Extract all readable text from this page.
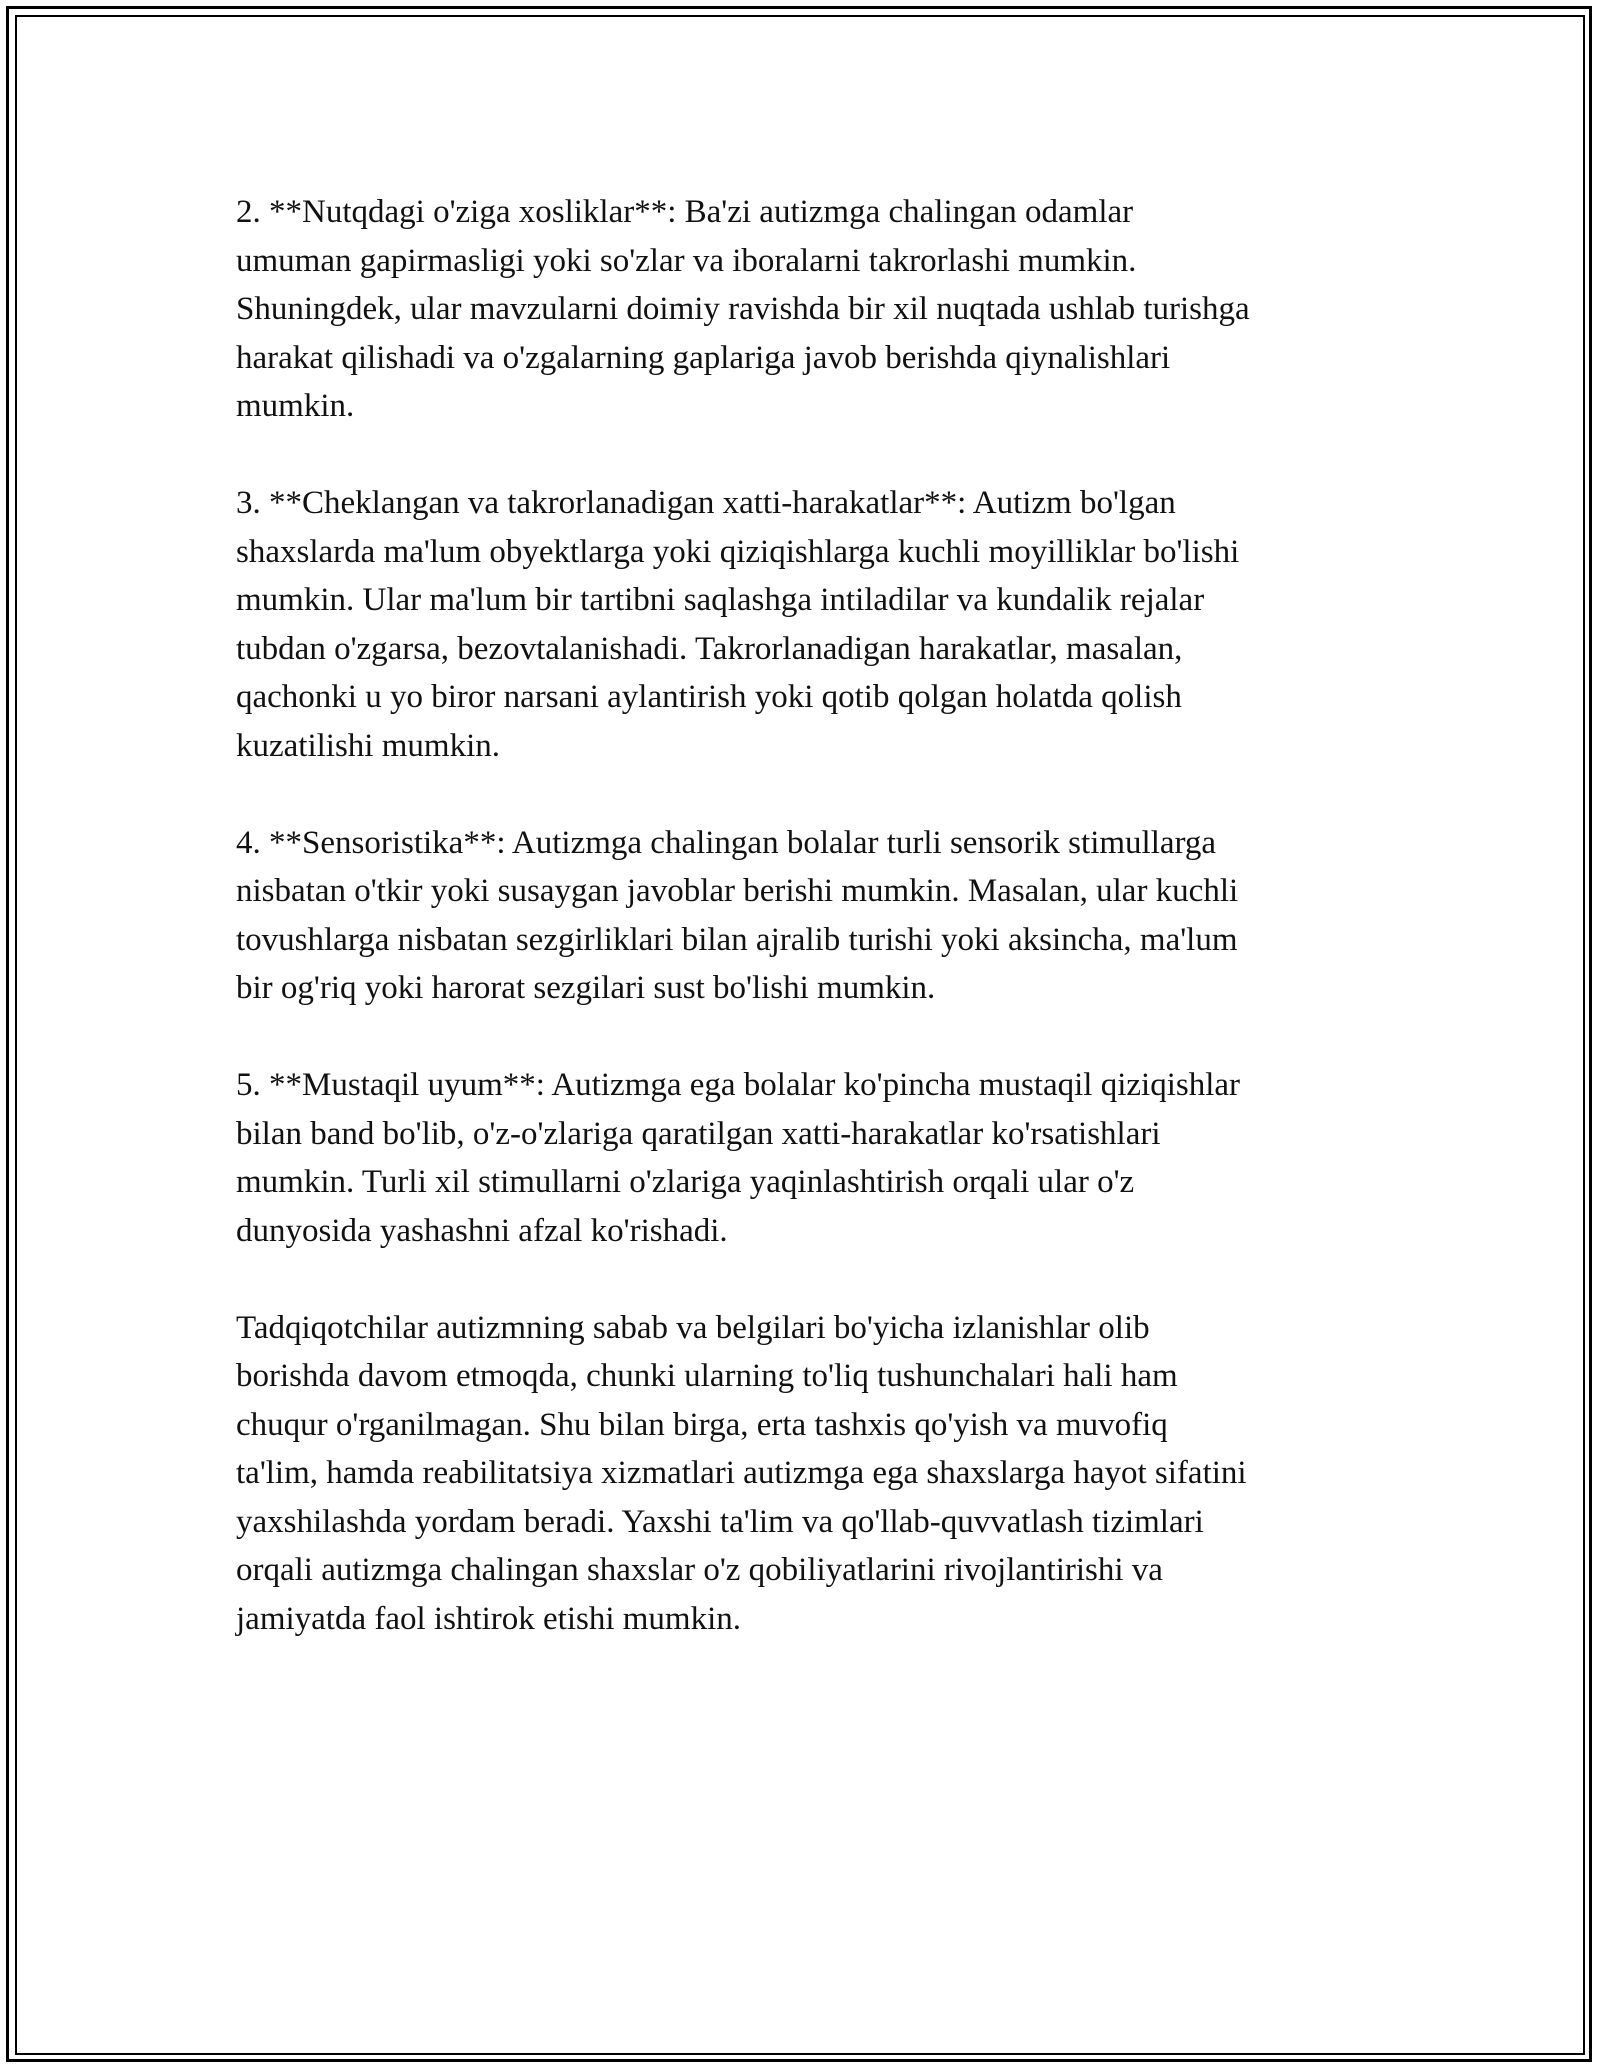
2. **Nutqdagi o'ziga xosliklar**: Ba'zi autizmga chalingan odamlar
umuman gapirmasligi yoki so'zlar va iboralarni takrorlashi mumkin.
Shuningdek, ular mavzularni doimiy ravishda bir xil nuqtada ushlab turishga
harakat qilishadi va o'zgalarning gaplariga javob berishda qiynalishlari
mumkin.

3. **Cheklangan va takrorlanadigan xatti-harakatlar**: Autizm bo'lgan
shaxslarda ma'lum obyektlarga yoki qiziqishlarga kuchli moyilliklar bo'lishi
mumkin. Ular ma'lum bir tartibni saqlashga intiladilar va kundalik rejalar
tubdan o'zgarsa, bezovtalanishadi. Takrorlanadigan harakatlar, masalan,
qachonki u yo biror narsani aylantirish yoki qotib qolgan holatda qolish
kuzatilishi mumkin.

4. **Sensoristika**: Autizmga chalingan bolalar turli sensorik stimullarga
nisbatan o'tkir yoki susaygan javoblar berishi mumkin. Masalan, ular kuchli
tovushlarga nisbatan sezgirliklari bilan ajralib turishi yoki aksincha, ma'lum
bir og'riq yoki harorat sezgilari sust bo'lishi mumkin.

5. **Mustaqil uyum**: Autizmga ega bolalar ko'pincha mustaqil qiziqishlar
bilan band bo'lib, o'z-o'zlariga qaratilgan xatti-harakatlar ko'rsatishlari
mumkin. Turli xil stimullarni o'zlariga yaqinlashtirish orqali ular o'z
dunyosida yashashni afzal ko'rishadi.

Tadqiqotchilar autizmning sabab va belgilari bo'yicha izlanishlar olib
borishda davom etmoqda, chunki ularning to'liq tushunchalari hali ham
chuqur o'rganilmagan. Shu bilan birga, erta tashxis qo'yish va muvofiq
ta'lim, hamda reabilitatsiya xizmatlari autizmga ega shaxslarga hayot sifatini
yaxshilashda yordam beradi. Yaxshi ta'lim va qo'llab-quvvatlash tizimlari
orqali autizmga chalingan shaxslar o'z qobiliyatlarini rivojlantirishi va
jamiyatda faol ishtirok etishi mumkin.
